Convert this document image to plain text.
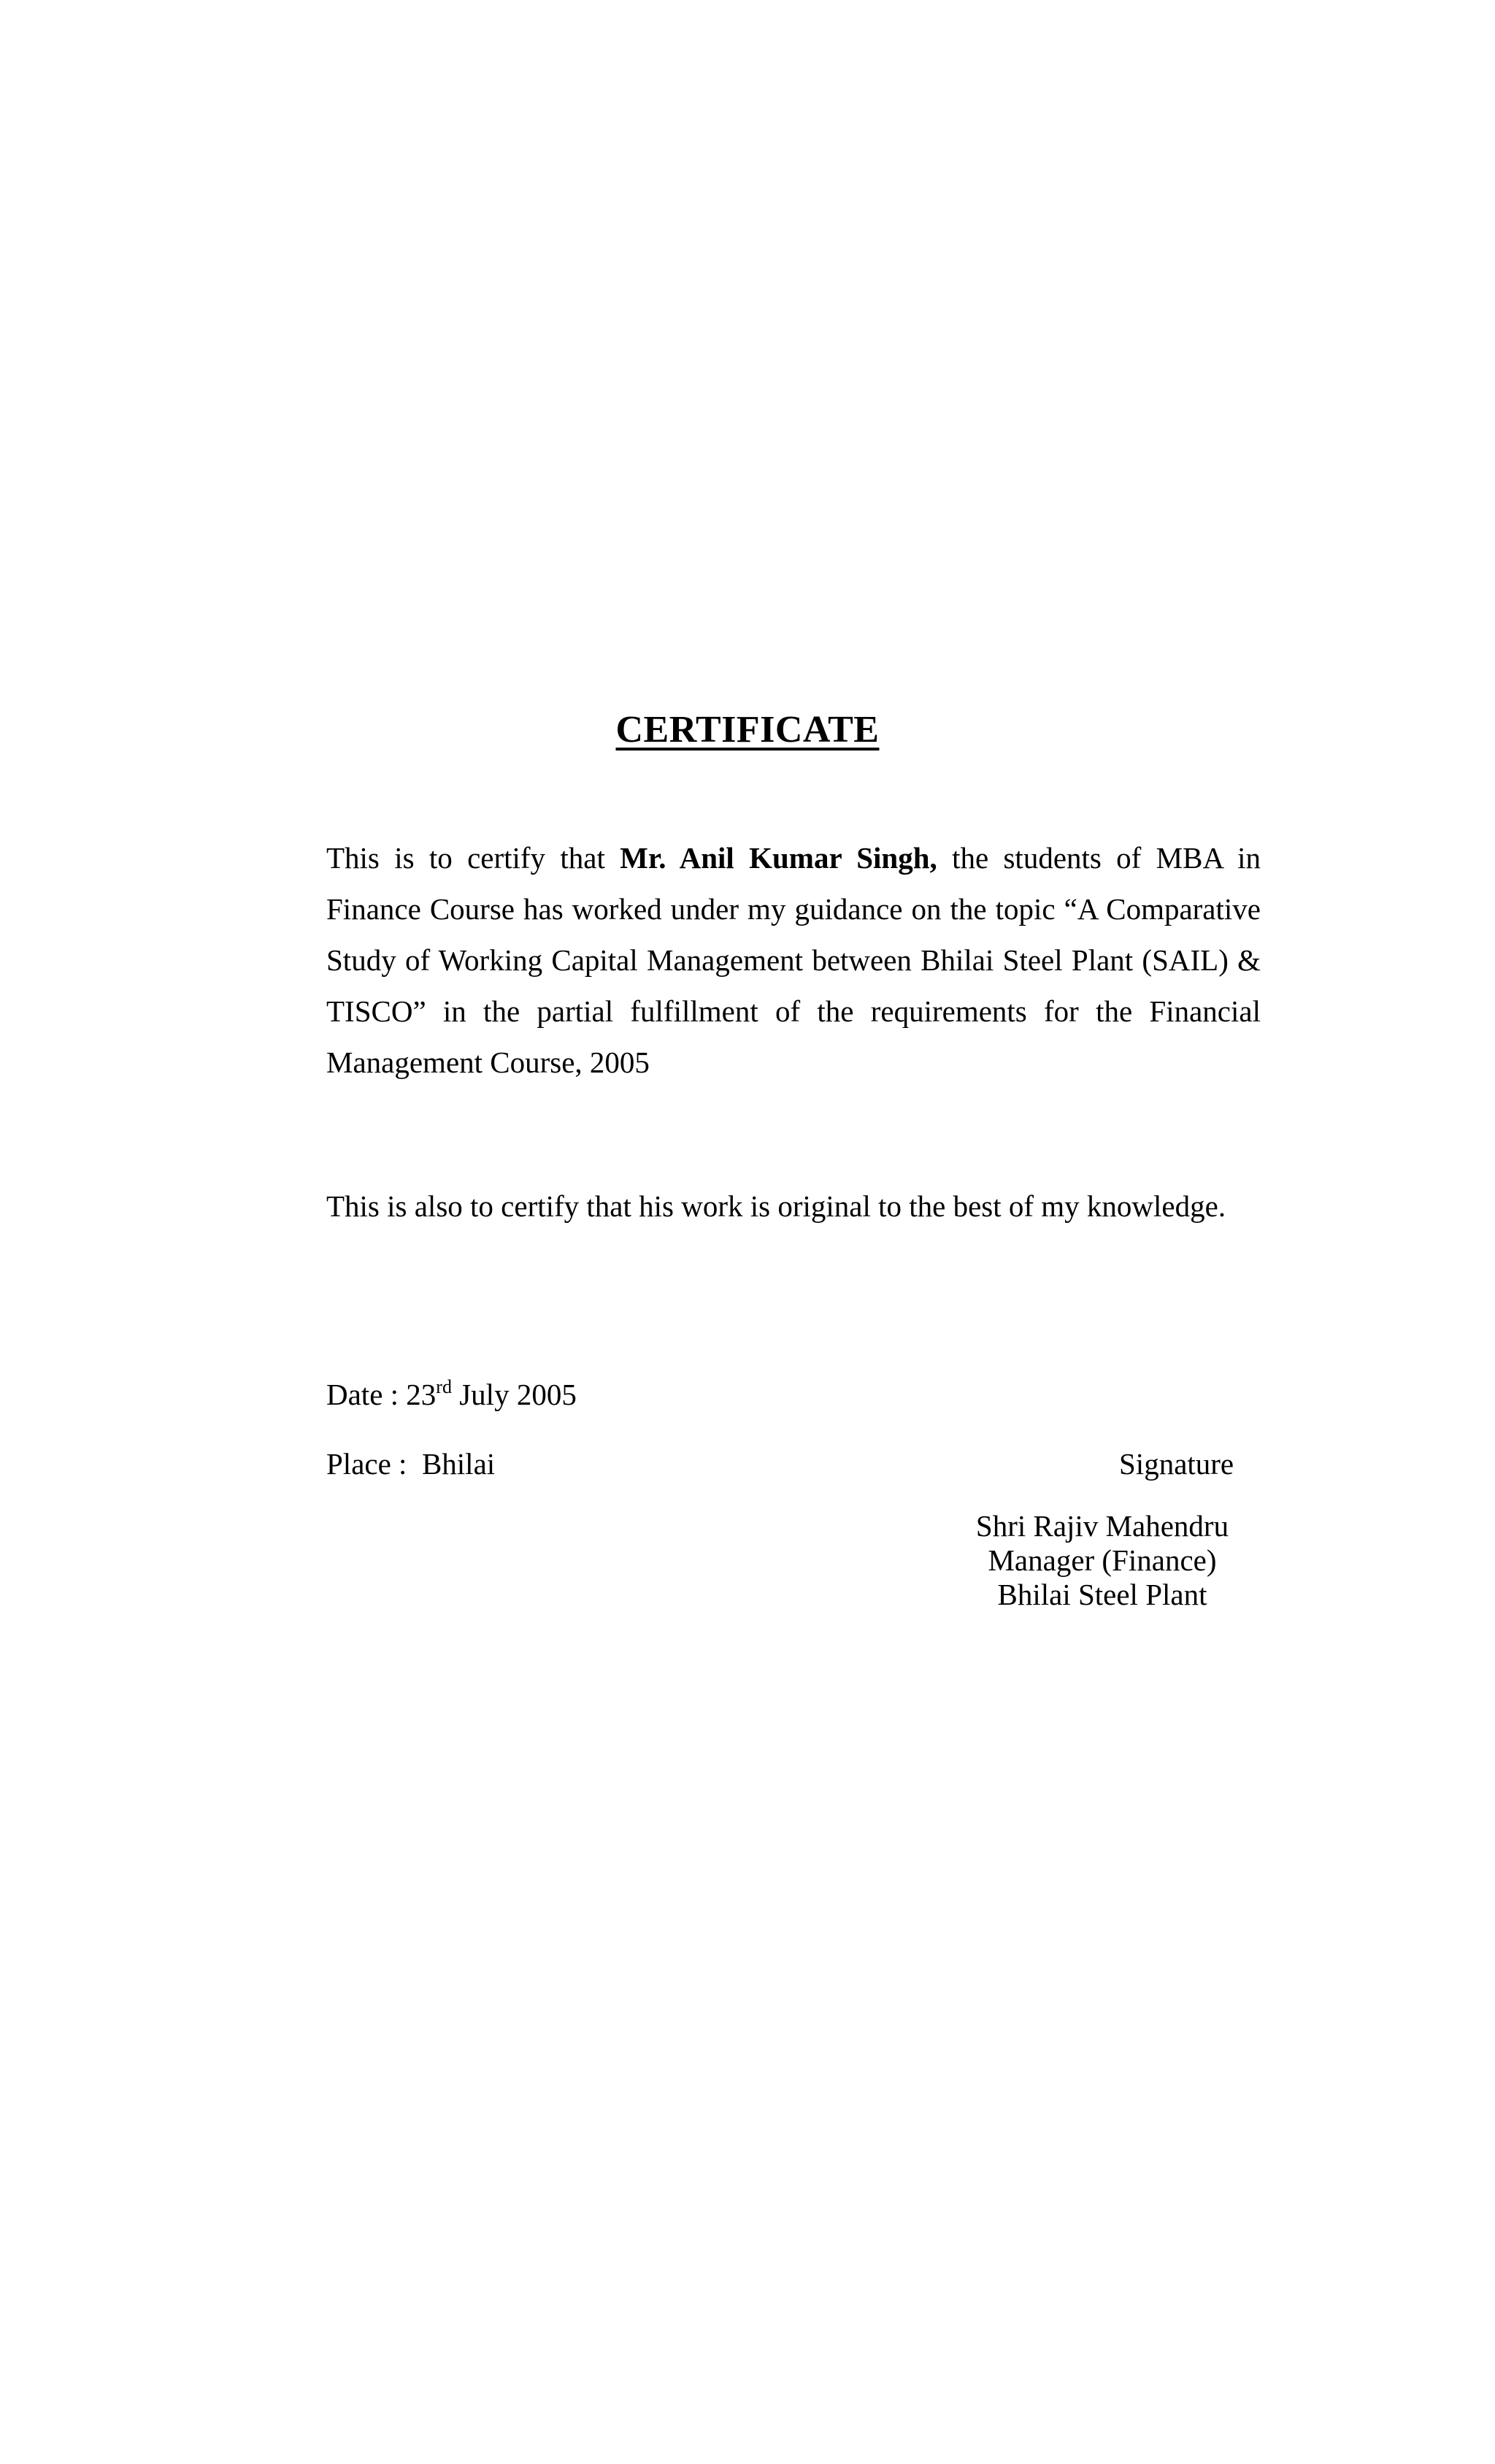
CERTIFICATE
This is to certify that Mr. Anil Kumar Singh, the students of MBA in Finance Course has worked under my guidance on the topic “A Comparative Study of Working Capital Management between Bhilai Steel Plant (SAIL) & TISCO” in the partial fulfillment of the requirements for the Financial Management Course, 2005
This is also to certify that his work is original to the best of my knowledge.
Date : 23rd July 2005
Place :  Bhilai	Signature
Shri Rajiv Mahendru
Manager (Finance)
Bhilai Steel Plant
